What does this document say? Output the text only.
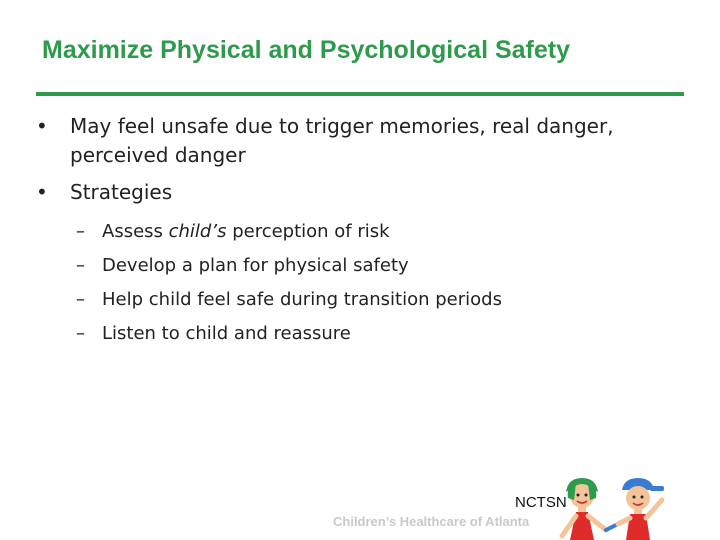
Maximize Physical and Psychological Safety
• May feel unsafe due to trigger memories, real danger, perceived danger
• Strategies
– Assess child’s perception of risk
– Develop a plan for physical safety
– Help child feel safe during transition periods
– Listen to child and reassure
Children’s Healthcare of Atlanta
NCTSN
